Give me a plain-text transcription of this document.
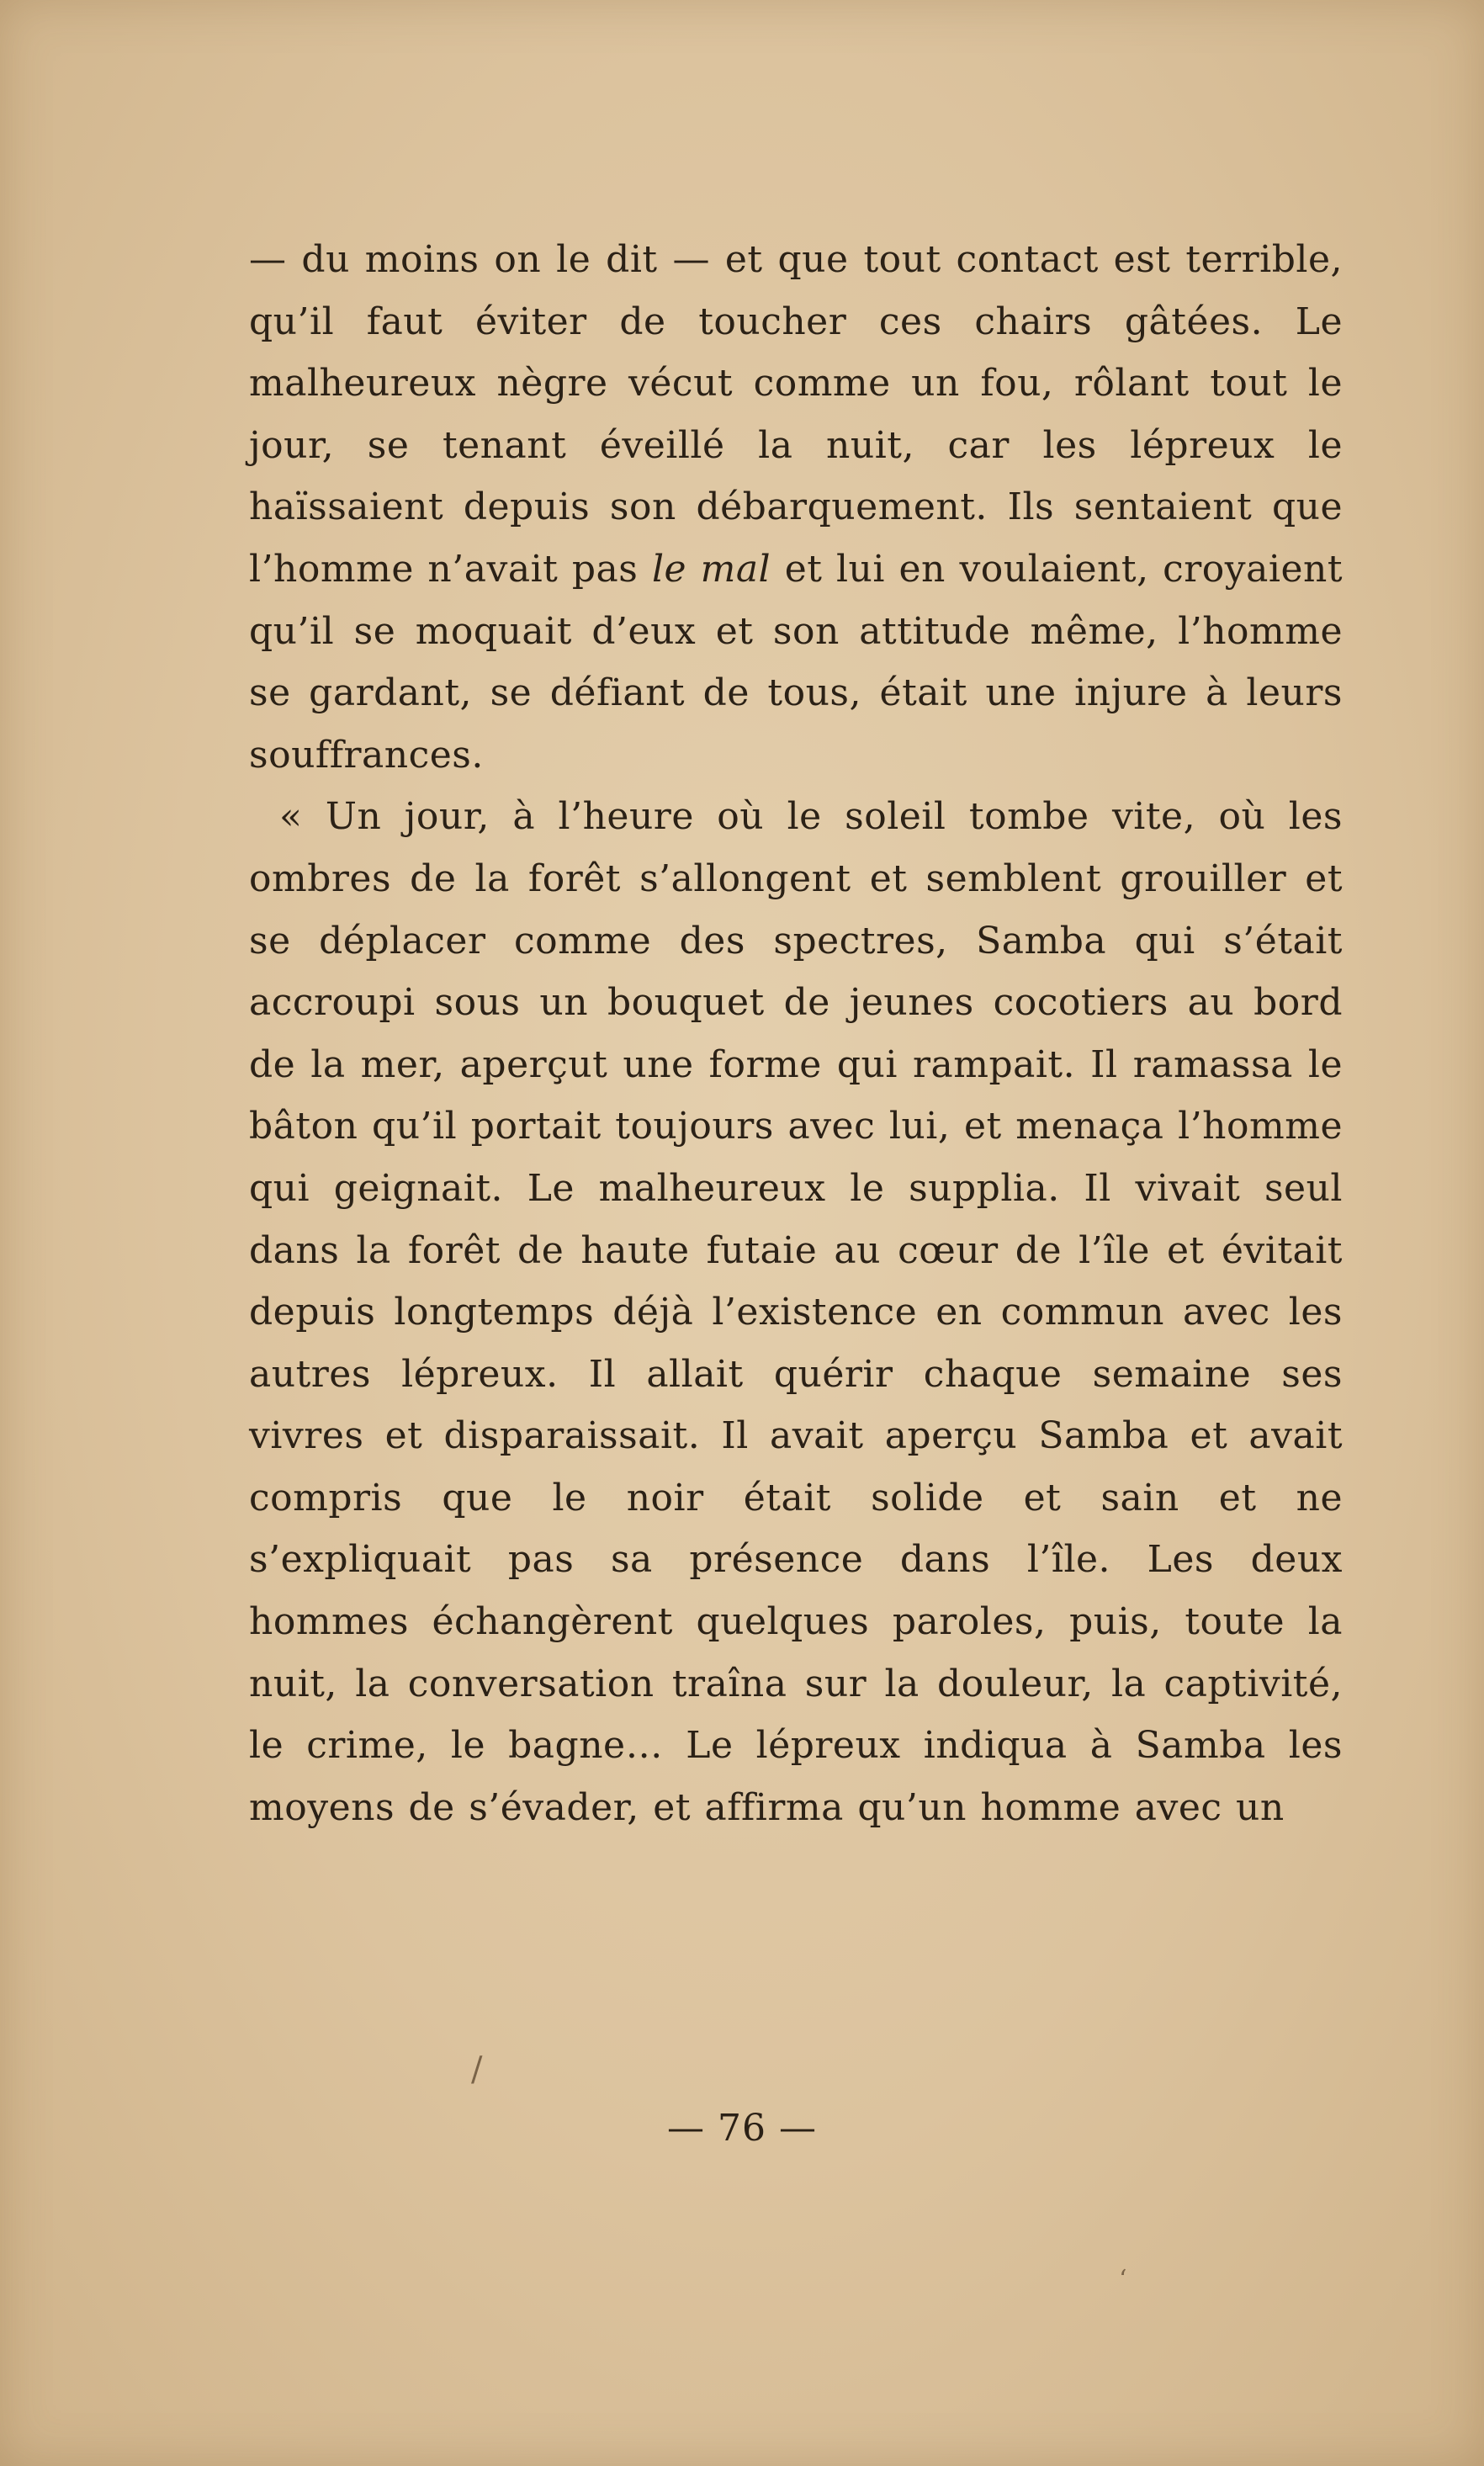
— du moins on le dit — et que tout contact est terrible, qu’il faut éviter de toucher ces chairs gâtées. Le malheureux nègre vécut comme un fou, rôlant tout le jour, se tenant éveillé la nuit, car les lépreux le haïssaient depuis son débarquement. Ils sentaient que l’homme n’avait pas le mal et lui en voulaient, croyaient qu’il se moquait d’eux et son attitude même, l’homme se gardant, se défiant de tous, était une injure à leurs souffrances.

« Un jour, à l’heure où le soleil tombe vite, où les ombres de la forêt s’allongent et semblent grouiller et se déplacer comme des spectres, Samba qui s’était accroupi sous un bouquet de jeunes cocotiers au bord de la mer, aperçut une forme qui rampait. Il ramassa le bâton qu’il portait toujours avec lui, et menaça l’homme qui geignait. Le malheureux le supplia. Il vivait seul dans la forêt de haute futaie au cœur de l’île et évitait depuis longtemps déjà l’existence en commun avec les autres lépreux. Il allait quérir chaque semaine ses vivres et disparaissait. Il avait aperçu Samba et avait compris que le noir était solide et sain et ne s’expliquait pas sa présence dans l’île. Les deux hommes échangèrent quelques paroles, puis, toute la nuit, la conversation traîna sur la douleur, la captivité, le crime, le bagne… Le lépreux indiqua à Samba les moyens de s’évader, et affirma qu’un homme avec un

— 76 —
/
ʻ
